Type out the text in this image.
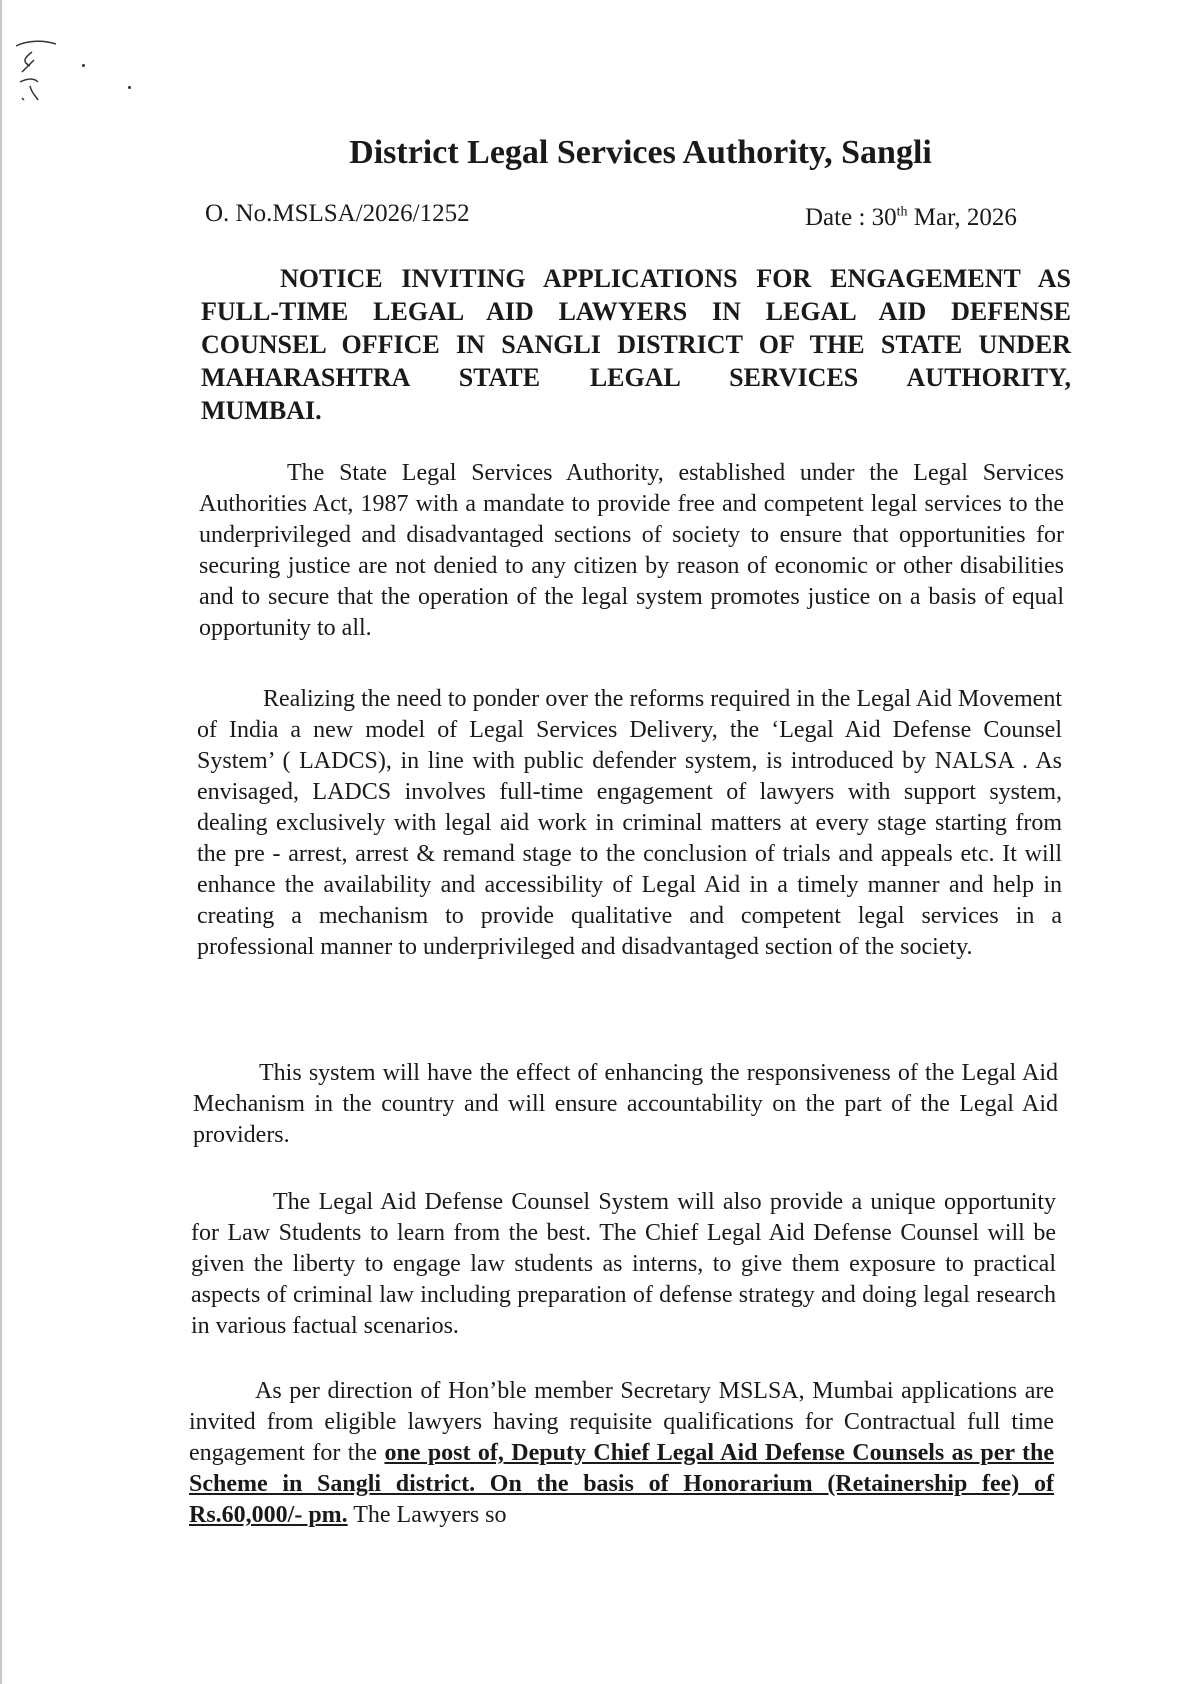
District Legal Services Authority, Sangli
O. No.MSLSA/2026/1252	Date : 30th Mar, 2026
NOTICE INVITING APPLICATIONS FOR ENGAGEMENT AS
FULL-TIME LEGAL AID LAWYERS IN LEGAL AID DEFENSE
COUNSEL OFFICE IN SANGLI DISTRICT OF THE STATE UNDER
MAHARASHTRA STATE LEGAL SERVICES AUTHORITY,
MUMBAI.

The State Legal Services Authority, established under the Legal Services Authorities Act, 1987 with a mandate to provide free and competent legal services to the underprivileged and disadvantaged sections of society to ensure that opportunities for securing justice are not denied to any citizen by reason of economic or other disabilities and to secure that the operation of the legal system promotes justice on a basis of equal opportunity to all.

Realizing the need to ponder over the reforms required in the Legal Aid Movement of India a new model of Legal Services Delivery, the ‘Legal Aid Defense Counsel System’ ( LADCS), in line with public defender system, is introduced by NALSA . As envisaged, LADCS involves full-time engagement of lawyers with support system, dealing exclusively with legal aid work in criminal matters at every stage starting from the pre - arrest, arrest & remand stage to the conclusion of trials and appeals etc. It will enhance the availability and accessibility of Legal Aid in a timely manner and help in creating a mechanism to provide qualitative and competent legal services in a professional manner to underprivileged and disadvantaged section of the society.

This system will have the effect of enhancing the responsiveness of the Legal Aid Mechanism in the country and will ensure accountability on the part of the Legal Aid providers.

The Legal Aid Defense Counsel System will also provide a unique opportunity for Law Students to learn from the best. The Chief Legal Aid Defense Counsel will be given the liberty to engage law students as interns, to give them exposure to practical aspects of criminal law including preparation of defense strategy and doing legal research in various factual scenarios.

As per direction of Hon’ble member Secretary MSLSA, Mumbai applications are invited from eligible lawyers having requisite qualifications for Contractual full time engagement for the one post of, Deputy Chief Legal Aid Defense Counsels as per the Scheme in Sangli district. On the basis of Honorarium (Retainership fee) of Rs.60,000/- pm. The Lawyers so
